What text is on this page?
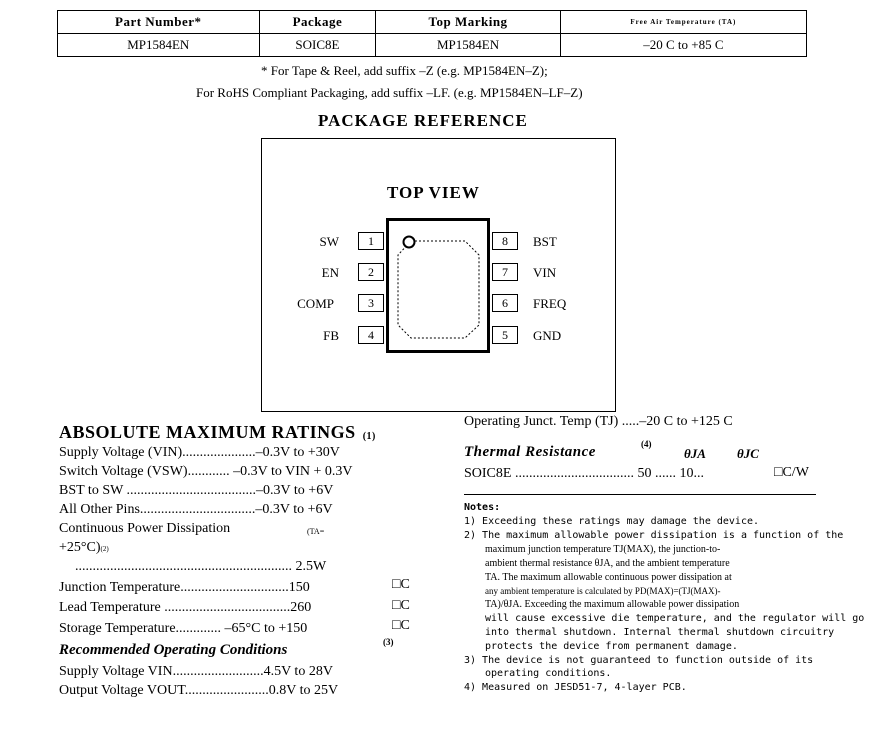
Part Number*	Package	Top Marking	Free Air Temperature (TA)
MP1584EN	SOIC8E	MP1584EN	–20 C to +85 C
* For Tape & Reel, add suffix –Z (e.g. MP1584EN–Z);
For RoHS Compliant Packaging, add suffix –LF. (e.g. MP1584EN–LF–Z)
PACKAGE REFERENCE
TOP VIEW
SW	1
EN	2
COMP	3
FB	4
8	BST
7	VIN
6	FREQ
5	GND
ABSOLUTE MAXIMUM RATINGS $^{(1)}$
Supply Voltage (VIN).....................–0.3V to +30V
Switch Voltage (VSW)............ –0.3V to VIN + 0.3V
BST to SW .....................................–0.3V to +6V
All Other Pins.................................–0.3V to +6V
Continuous Power Dissipation	(TA=
+25°C)(2)
.............................................................. 2.5W
Junction Temperature...............................150	□C
Lead Temperature ....................................260	□C
Storage Temperature............. –65°C to +150	□C
Recommended Operating Conditions	(3)
Supply Voltage VIN..........................4.5V to 28V
Output Voltage VOUT........................0.8V to 25V
Operating Junct. Temp (TJ) .....–20 C to +125 C
Thermal Resistance	(4)
θJA θJC
SOIC8E .................................. 50 ...... 10...	□C/W
Notes:
1) Exceeding these ratings may damage the device.
2) The maximum allowable power dissipation is a function of the
maximum junction temperature TJ(MAX), the junction-to-
ambient thermal resistance θJA, and the ambient temperature
TA. The maximum allowable continuous power dissipation at
any ambient temperature is calculated by PD(MAX)=(TJ(MAX)-
TA)/θJA. Exceeding the maximum allowable power dissipation
will cause excessive die temperature, and the regulator will go
into thermal shutdown. Internal thermal shutdown circuitry
protects the device from permanent damage.
3) The device is not guaranteed to function outside of its
operating conditions.
4) Measured on JESD51-7, 4-layer PCB.
